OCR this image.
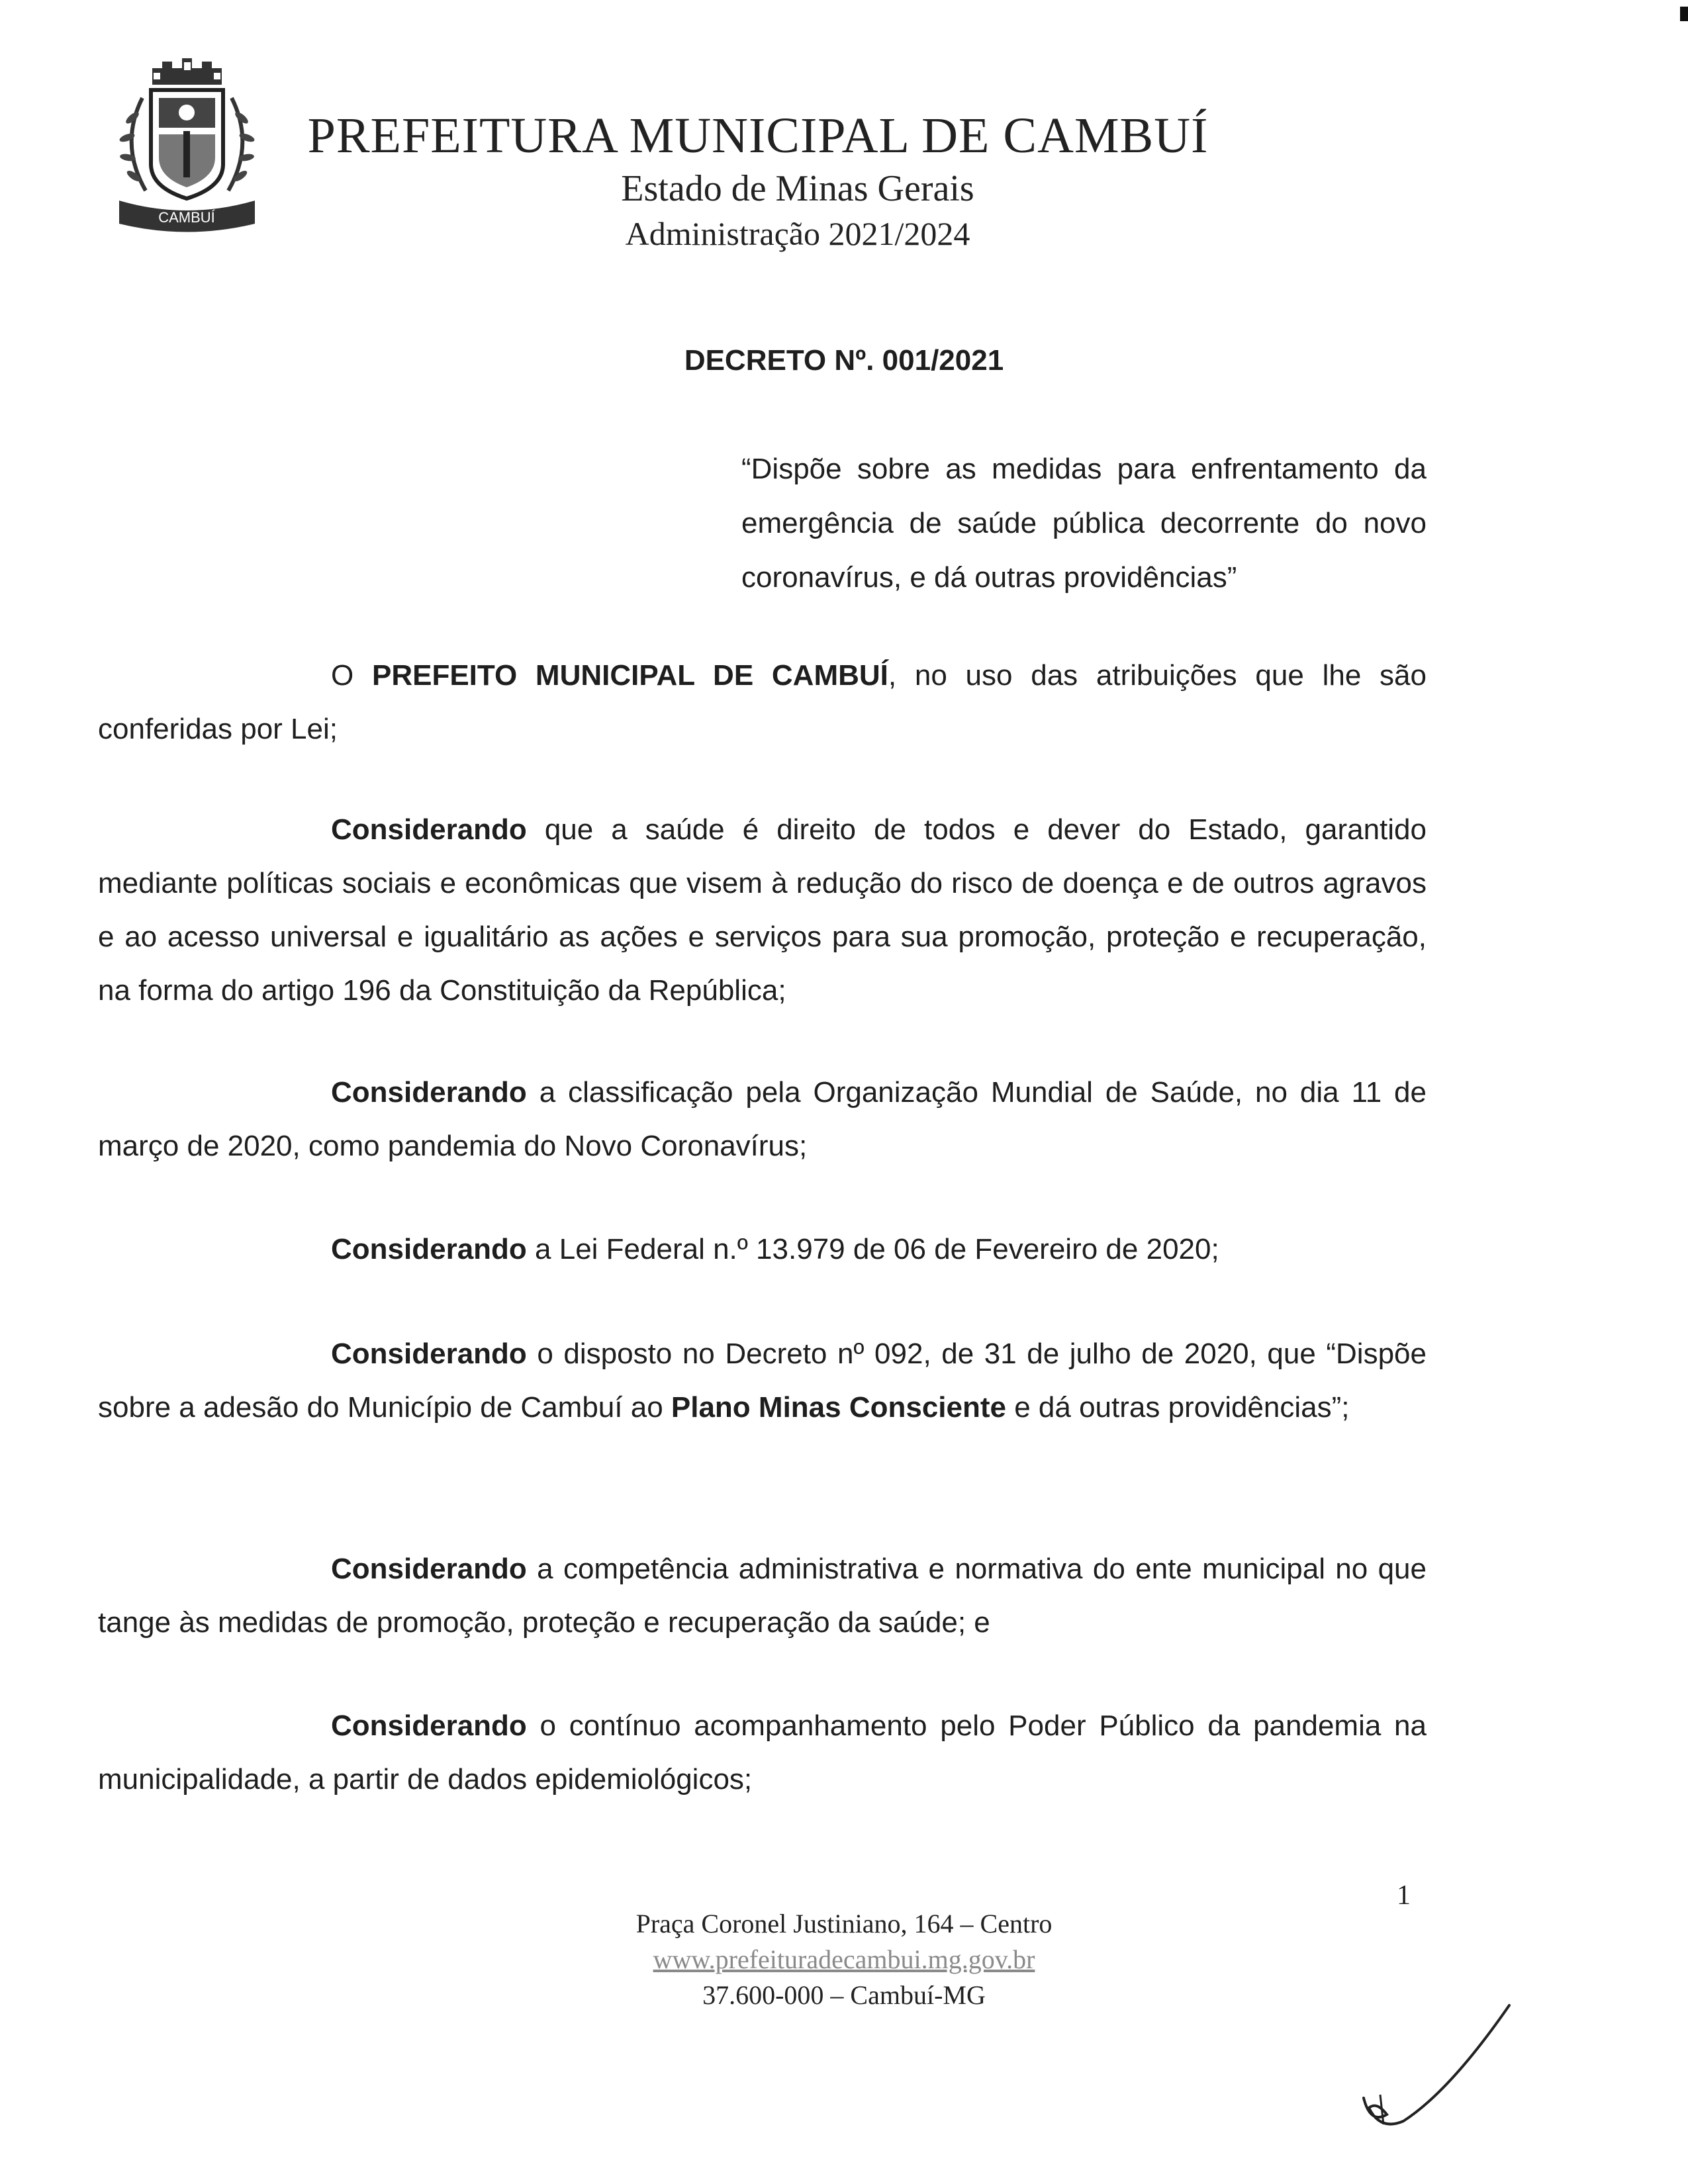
CAMBUÍ
PREFEITURA MUNICIPAL DE CAMBUÍ
Estado de Minas Gerais
Administração 2021/2024
DECRETO Nº. 001/2021
“Dispõe sobre as medidas para enfrentamento da emergência de saúde pública decorrente do novo coronavírus, e dá outras providências”

O PREFEITO MUNICIPAL DE CAMBUÍ, no uso das atribuições que lhe são conferidas por Lei;

Considerando que a saúde é direito de todos e dever do Estado, garantido mediante políticas sociais e econômicas que visem à redução do risco de doença e de outros agravos e ao acesso universal e igualitário as ações e serviços para sua promoção, proteção e recuperação, na forma do artigo 196 da Constituição da República;

Considerando a classificação pela Organização Mundial de Saúde, no dia 11 de março de 2020, como pandemia do Novo Coronavírus;

Considerando a Lei Federal n.º 13.979 de 06 de Fevereiro de 2020;

Considerando o disposto no Decreto nº 092, de 31 de julho de 2020, que “Dispõe sobre a adesão do Município de Cambuí ao Plano Minas Consciente e dá outras providências”;

Considerando a competência administrativa e normativa do ente municipal no que tange às medidas de promoção, proteção e recuperação da saúde; e

Considerando o contínuo acompanhamento pelo Poder Público da pandemia na municipalidade, a partir de dados epidemiológicos;

1
Praça Coronel Justiniano, 164 – Centro
www.prefeituradecambui.mg.gov.br
37.600-000 – Cambuí-MG
